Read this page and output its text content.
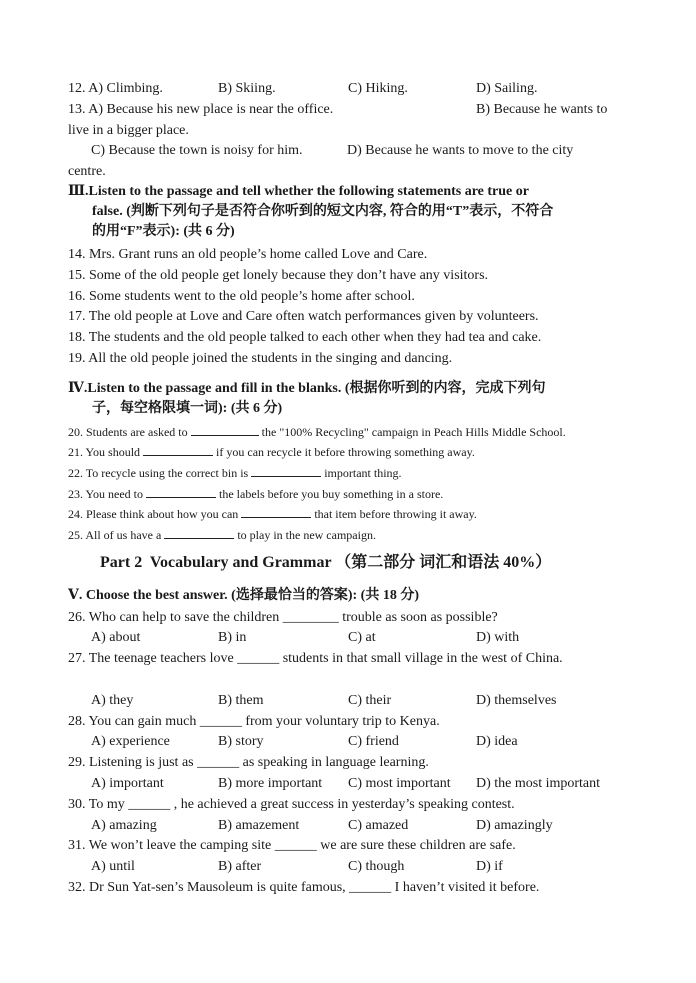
12. A) Climbing.	B) Skiing.	C) Hiking.	D) Sailing.
13. A) Because his new place is near the office.	B) Because he wants to
live in a bigger place.
C) Because the town is noisy for him.	D) Because he wants to move to the city
centre.
Ⅲ.Listen to the passage and tell whether the following statements are true or
false. (判断下列句子是否符合你听到的短文内容, 符合的用“T”表示，不符合
的用“F”表示): (共 6 分)
14. Mrs. Grant runs an old people’s home called Love and Care.
15. Some of the old people get lonely because they don’t have any visitors.
16. Some students went to the old people’s home after school.
17. The old people at Love and Care often watch performances given by volunteers.
18. The students and the old people talked to each other when they had tea and cake.
19. All the old people joined the students in the singing and dancing.
Ⅳ.Listen to the passage and fill in the blanks. (根据你听到的内容，完成下列句
子，每空格限填一词): (共 6 分)
20. Students are asked to	the "100% Recycling" campaign in Peach Hills Middle School.
21. You should	if you can recycle it before throwing something away.
22. To recycle using the correct bin is	important thing.
23. You need to	the labels before you buy something in a store.
24. Please think about how you can	that item before throwing it away.
25. All of us have a	to play in the new campaign.
Part 2  Vocabulary and Grammar （第二部分 词汇和语法 40%）
Ⅴ. Choose the best answer. (选择最恰当的答案): (共 18 分)
26. Who can help to save the children ________ trouble as soon as possible?
A) about	B) in	C) at	D) with
27. The teenage teachers love ______ students in that small village in the west of China.
A) they	B) them	C) their	D) themselves
28. You can gain much ______ from your voluntary trip to Kenya.
A) experience	B) story	C) friend	D) idea
29. Listening is just as ______ as speaking in language learning.
A) important	B) more important C) most important D) the most important
30. To my ______ , he achieved a great success in yesterday’s speaking contest.
A) amazing	B) amazement	C) amazed	D) amazingly
31. We won’t leave the camping site ______ we are sure these children are safe.
A) until	B) after	C) though	D) if
32. Dr Sun Yat-sen’s Mausoleum is quite famous, ______ I haven’t visited it before.
